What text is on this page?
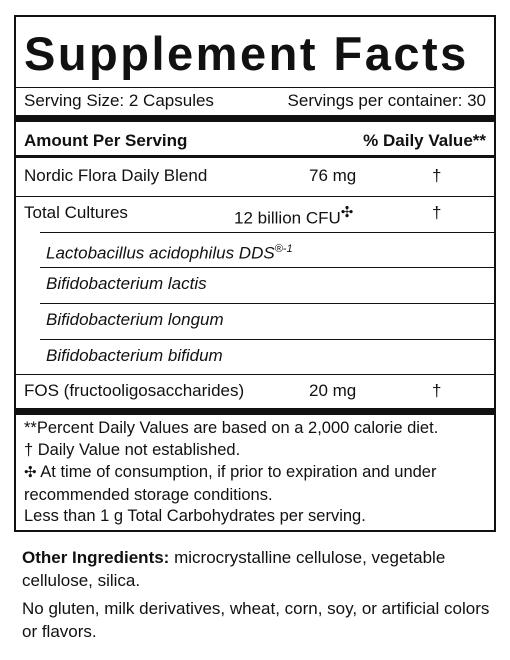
Supplement Facts
Serving Size: 2 Capsules	Servings per container: 30
Amount Per Serving	% Daily Value**
Nordic Flora Daily Blend	76 mg	†
Total Cultures	12 billion CFU✣	†
Lactobacillus acidophilus $DDS^{®-1}$
Bifidobacterium lactis
Bifidobacterium longum
Bifidobacterium bifidum
FOS (fructooligosaccharides)	20 mg	†
**Percent Daily Values are based on a 2,000 calorie diet.
† Daily Value not established.
✣ At time of consumption, if prior to expiration and under recommended storage conditions.
Less than 1 g Total Carbohydrates per serving.
Other Ingredients: microcrystalline cellulose, vegetable cellulose, silica.
No gluten, milk derivatives, wheat, corn, soy, or artificial colors or flavors.
